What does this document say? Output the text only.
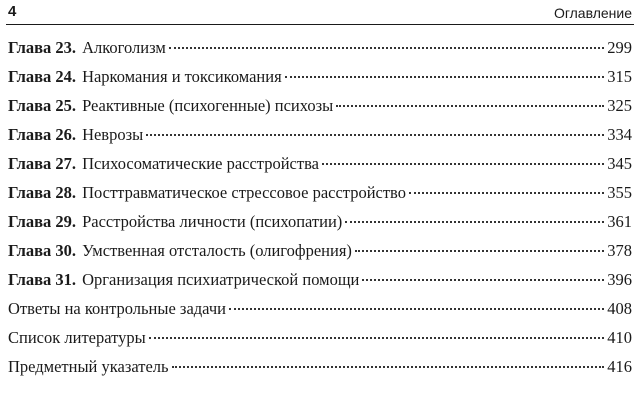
4	Оглавление
Глава 23. Алкоголизм	299
Глава 24. Наркомания и токсикомания	315
Глава 25. Реактивные (психогенные) психозы	325
Глава 26. Неврозы	334
Глава 27. Психосоматические расстройства	345
Глава 28. Посттравматическое стрессовое расстройство	355
Глава 29. Расстройства личности (психопатии)	361
Глава 30. Умственная отсталость (олигофрения)	378
Глава 31. Организация психиатрической помощи	396
Ответы на контрольные задачи	408
Список литературы	410
Предметный указатель	416
